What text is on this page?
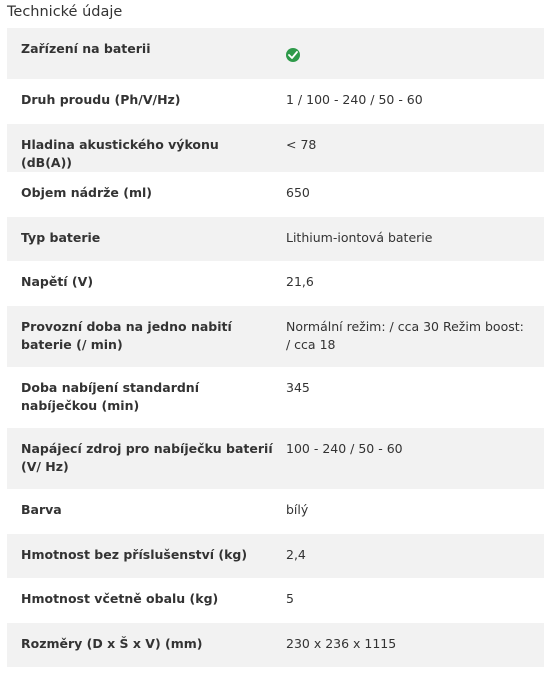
Technické údaje
Zařízení na baterii	

Druh proudu (Ph/V/Hz)	1 / 100 - 240 / 50 - 60
Hladina akustického výkonu (dB(A))	< 78
Objem nádrže (ml)	650
Typ baterie	Lithium-iontová baterie
Napětí (V)	21,6
Provozní doba na jedno nabití baterie (/ min)	Normální režim: / cca 30 Režim boost: / cca 18
Doba nabíjení standardní nabíječkou (min)	345
Napájecí zdroj pro nabíječku baterií (V/ Hz)	100 - 240 / 50 - 60
Barva	bílý
Hmotnost bez příslušenství (kg)	2,4
Hmotnost včetně obalu (kg)	5
Rozměry (D x Š x V) (mm)	230 x 236 x 1115
